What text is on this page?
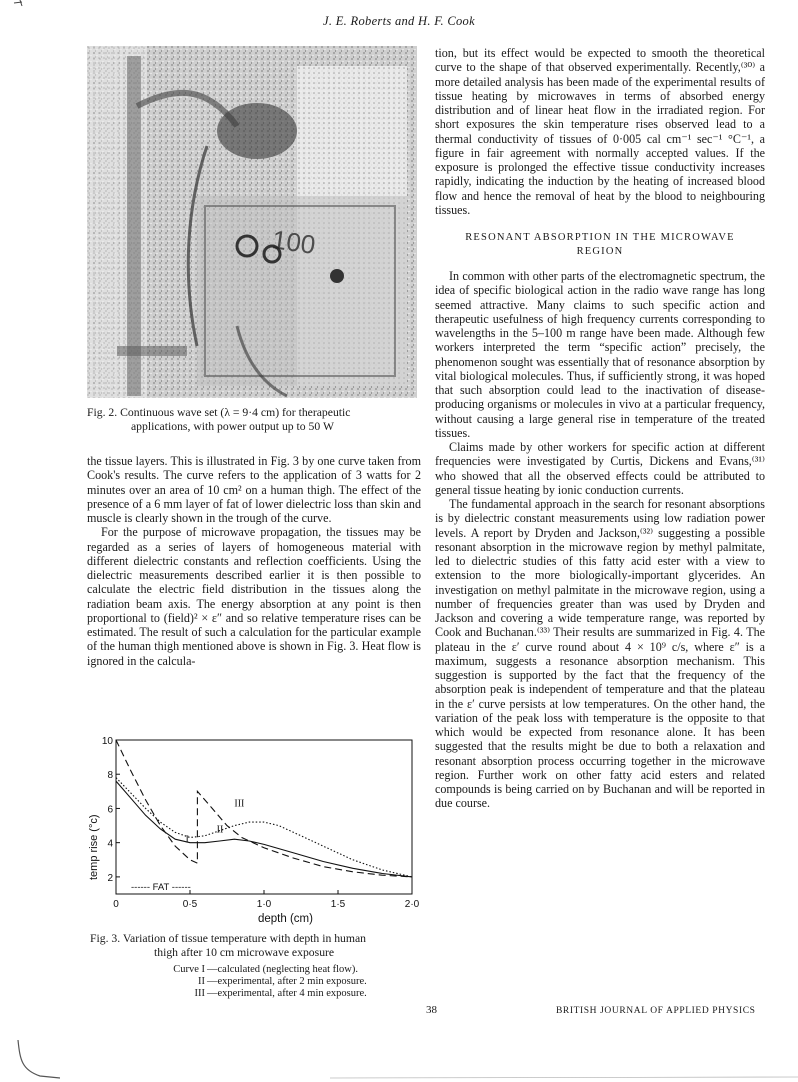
J. E. Roberts and H. F. Cook
100
Fig. 2. Continuous wave set (λ = 9·4 cm) for therapeutic
applications, with power output up to 50 W

the tissue layers. This is illustrated in Fig. 3 by one curve taken from Cook's results. The curve refers to the application of 3 watts for 2 minutes over an area of 10 cm² on a human thigh. The effect of the presence of a 6 mm layer of fat of lower dielectric loss than skin and muscle is clearly shown in the trough of the curve.

For the purpose of microwave propagation, the tissues may be regarded as a series of layers of homogeneous material with different dielectric constants and reflection coefficients. Using the dielectric measurements described earlier it is then possible to calculate the electric field distribution in the tissues along the radiation beam axis. The energy absorption at any point is then proportional to (field)² × ε″ and so relative temperature rises can be estimated. The result of such a calculation for the particular example of the human thigh mentioned above is shown in Fig. 3. Heat flow is ignored in the calcula-

2
4
6
8
10
0	0·5	1·0	1·5	2·0
I
II
III
temp rise (°c)
depth (cm)
------ FAT ------
Fig. 3. Variation of tissue temperature with depth in human
thigh after 10 cm microwave exposure
Curve I —calculated (neglecting heat flow).
II —experimental, after 2 min exposure.
III —experimental, after 4 min exposure.

tion, but its effect would be expected to smooth the theoretical curve to the shape of that observed experimentally. Recently,⁽³⁰⁾ a more detailed analysis has been made of the experimental results of tissue heating by microwaves in terms of absorbed energy distribution and of linear heat flow in the irradiated region. For short exposures the skin temperature rises observed lead to a thermal conductivity of tissues of 0·005 cal cm⁻¹ sec⁻¹ °C⁻¹, a figure in fair agreement with normally accepted values. If the exposure is prolonged the effective tissue conductivity increases rapidly, indicating the induction by the heating of increased blood flow and hence the removal of heat by the blood to neighbouring tissues.

RESONANT ABSORPTION IN THE MICROWAVE
REGION

In common with other parts of the electromagnetic spectrum, the idea of specific biological action in the radio wave range has long seemed attractive. Many claims to such specific action and therapeutic usefulness of high frequency currents corresponding to wavelengths in the 5–100 m range have been made. Although few workers interpreted the term “specific action” precisely, the phenomenon sought was essentially that of resonance absorption by vital biological molecules. Thus, if sufficiently strong, it was hoped that such absorption could lead to the inactivation of disease-producing organisms or molecules in vivo at a particular frequency, without causing a large general rise in temperature of the treated tissues.

Claims made by other workers for specific action at different frequencies were investigated by Curtis, Dickens and Evans,⁽³¹⁾ who showed that all the observed effects could be attributed to general tissue heating by ionic conduction currents.

The fundamental approach in the search for resonant absorptions is by dielectric constant measurements using low radiation power levels. A report by Dryden and Jackson,⁽³²⁾ suggesting a possible resonant absorption in the microwave region by methyl palmitate, led to dielectric studies of this fatty acid ester with a view to extension to the more biologically-important glycerides. An investigation on methyl palmitate in the microwave region, using a number of frequencies greater than was used by Dryden and Jackson and covering a wide temperature range, was reported by Cook and Buchanan.⁽³³⁾ Their results are summarized in Fig. 4. The plateau in the ε′ curve round about 4 × 10⁹ c/s, where ε″ is a maximum, suggests a resonance absorption mechanism. This suggestion is supported by the fact that the frequency of the absorption peak is independent of temperature and that the plateau in the ε′ curve persists at low temperatures. On the other hand, the variation of the peak loss with temperature is the opposite to that which would be expected from resonance alone. It has been suggested that the results might be due to both a relaxation and resonant absorption process occurring together in the microwave region. Further work on other fatty acid esters and related compounds is being carried on by Buchanan and will be reported in due course.

38	BRITISH JOURNAL OF APPLIED PHYSICS
